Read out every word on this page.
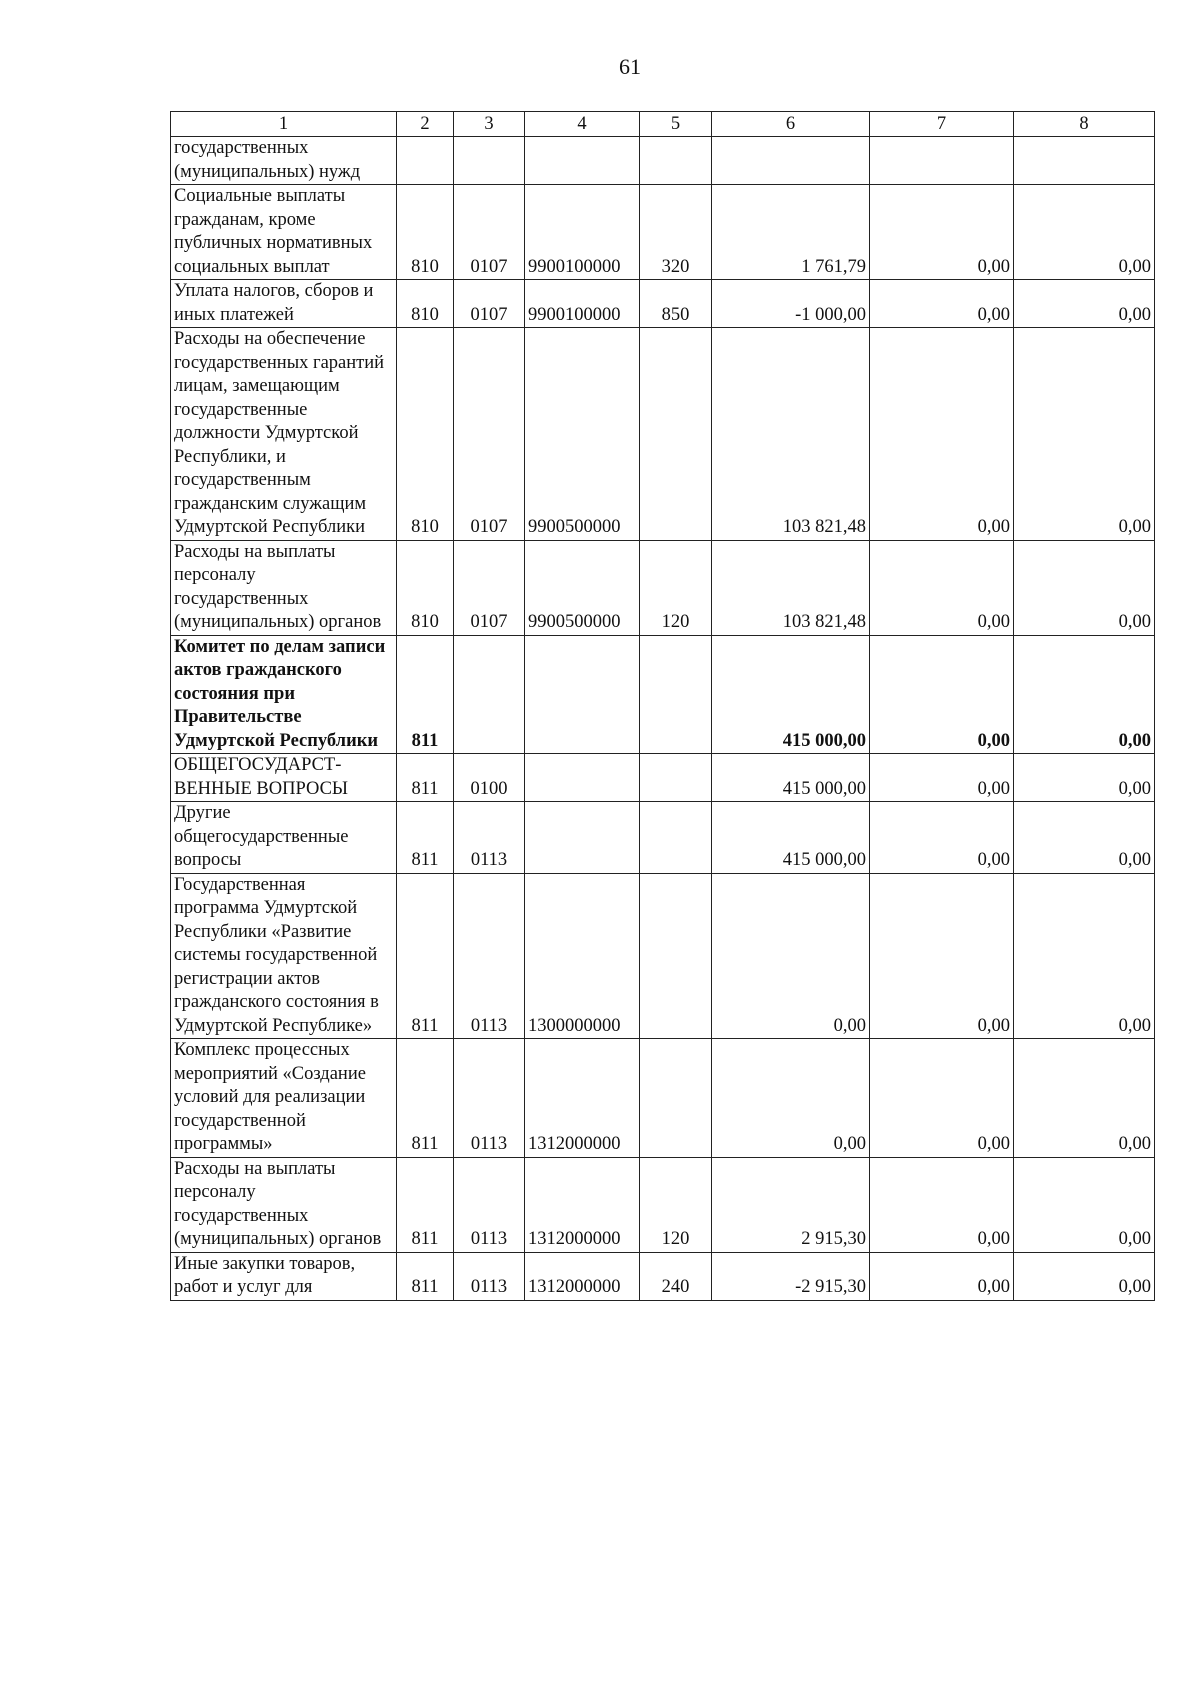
61
1	2	3	4	5	6	7	8
государственных (муниципальных) нужд							
Социальные выплаты гражданам, кроме публичных нормативных социальных выплат	810	0107	9900100000	320	1 761,79	0,00	0,00
Уплата налогов, сборов и иных платежей	810	0107	9900100000	850	-1 000,00	0,00	0,00
Расходы на обеспечение государственных гарантий лицам, замещающим государственные должности Удмуртской Республики, и государственным гражданским служащим Удмуртской Республики	810	0107	9900500000		103 821,48	0,00	0,00
Расходы на выплаты персоналу государственных (муниципальных) органов	810	0107	9900500000	120	103 821,48	0,00	0,00
Комитет по делам записи актов гражданского состояния при Правительстве Удмуртской Республики	811				415 000,00	0,00	0,00
ОБЩЕГОСУДАРСТ-ВЕННЫЕ ВОПРОСЫ	811	0100			415 000,00	0,00	0,00
Другие общегосударственные вопросы	811	0113			415 000,00	0,00	0,00
Государственная программа Удмуртской Республики «Развитие системы государственной регистрации актов гражданского состояния в Удмуртской Республике»	811	0113	1300000000		0,00	0,00	0,00
Комплекс процессных мероприятий «Создание условий для реализации государственной программы»	811	0113	1312000000		0,00	0,00	0,00
Расходы на выплаты персоналу государственных (муниципальных) органов	811	0113	1312000000	120	2 915,30	0,00	0,00
Иные закупки товаров, работ и услуг для	811	0113	1312000000	240	-2 915,30	0,00	0,00
